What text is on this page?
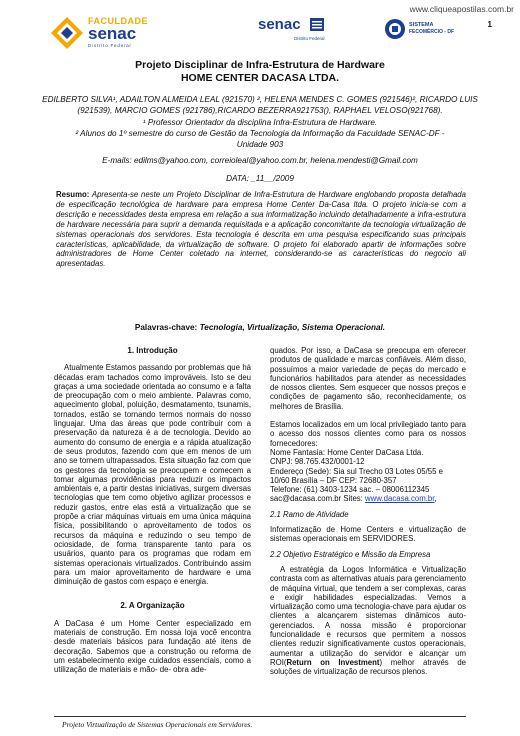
www.cliqueapostilas.com.br
1
FACULDADE
senac
Distrito Federal
senac
Distrito Federal
SISTEMA
FECOMÉRCIO - DF
Projeto Disciplinar de Infra-Estrutura de Hardware
HOME CENTER DACASA LTDA.
EDILBERTO SILVA¹, ADAILTON ALMEIDA LEAL (921570) ², HELENA MENDES C. GOMES (921546)², RICARDO LUIS
(921539), MARCIO GOMES (921786),RICARDO BEZERRA921753(), RAPHAEL VELOSO(921768).
¹ Professor Orientador da disciplina Infra-Estrutura de Hardware.
² Alunos do 1º semestre do curso de Gestão da Tecnologia da Informação da Faculdade SENAC-DF -
Unidade 903
E-mails: edilms@yahoo.com, correioleal@yahoo.com.br, helena.mendesti@Gmail.com
DATA: _11__/2009
Resumo: Apresenta-se neste um Projeto Disciplinar de Infra-Estrutura de Hardware englobando proposta detalhada de especificação tecnológica de hardware para empresa Home Center Da-Casa ltda. O projeto inicia-se com a descrição e necessidades desta empresa em relação a sua informatização incluindo detalhadamente a infra-estrutura de hardware necessária para suprir a demanda requisitada e a aplicação concomitante da tecnologia virtualização de sistemas operacionais dos servidores. Esta tecnologia é descrita em uma pesquisa especificando suas principais características, aplicabilidade, da virtualização de software. O projeto foi elaborado apartir de informações sobre administradores de Home Center coletado na internet, considerando-se as características do negocio ali apresentadas.
Palavras-chave: Tecnologia, Virtualização, Sistema Operacional.

1. Introdução

Atualmente Estamos passando por problemas que há décadas eram tachados como improváveis. Isto se deu graças a uma sociedade orientada ao consumo e a falta de preocupação com o meio ambiente. Palavras como, aquecimento global, poluição, desmatamento, tsunamis, tornados, estão se tornando termos normais do nosso linguajar. Uma das áreas que pode contribuir com a preservação da natureza é a de tecnologia. Devido ao aumento do consumo de energia e a rápida atualização de seus produtos, fazendo com que em menos de um ano se tornem ultrapassados. Esta situação faz com que os gestores da tecnologia se preocupem e comecem a tomar algumas providências para reduzir os impactos ambientais e, a partir destas iniciativas, surgem diversas tecnologias que tem como objetivo agilizar processos e reduzir gastos, entre elas está a virtualização que se propõe a criar máquinas virtuais em uma única máquina física, possibilitando o aproveitamento de todos os recursos da máquina e reduzindo o seu tempo de ociosidade, de forma transparente tanto para os usuários, quanto para os programas que rodam em sistemas operacionais virtualizados. Contribuindo assim para um maior aproveitamento de hardware e uma diminuição de gastos com espaço e energia.

2. A Organização

A DaCasa é um Home Center especializado em materiais de construção. Em nossa loja você encontra desde materiais básicos para fundação até itens de decoração. Sabemos que a construção ou reforma de um estabelecimento exige cuidados essenciais, como a utilização de materiais e mão- de- obra ade-

quados. Por isso, a DaCasa se preocupa em oferecer produtos de qualidade e marcas confiáveis. Além disso, possuímos a maior variedade de peças do mercado e funcionários habilitados para atender as necessidades de nossos clientes. Sem esquecer que nossos preços e condições de pagamento são, reconhecidamente, os melhores de Brasília.

Estamos localizados em um local privilegiado tanto para o acesso dos nossos clientes como para os nossos fornecedores:

Nome Fantasia: Home Center DaCasa Ltda.

CNPJ: 98.765.432/0001-12

Endereço (Sede): Sia sul Trecho 03 Lotes 05/55 e

10/60 Brasília – DF CEP: 72680-357

Telefone: (61) 3403-1234 sac. – 08006112345

sac@dacasa.com.br Sites: www.dacasa.com.br,

2.1 Ramo de Atividade

Informatização de Home Centers e virtualização de sistemas operacionais em SERVIDORES.

2.2 Objetivo Estratégico e Missão da Empresa

A estratégia da Logos Informática e Virtualização contrasta com as alternativas atuais para gerenciamento de máquina virtual, que tendem a ser complexas, caras e exigir habilidades especializadas. Vemos a virtualização como uma tecnologia-chave para ajudar os clientes a alcançarem sistemas dinâmicos auto-gerenciados. A nossa missão é proporcionar funcionalidade e recursos que permitem a nossos clientes reduzir significativamente custos operacionais, aumentar a utilização do servidor e alcançar um ROI(Return on Investment) melhor através de soluções de virtualização de recursos plenos.

Projeto Virtualização de Sistemas Operacionais em Servidores.
